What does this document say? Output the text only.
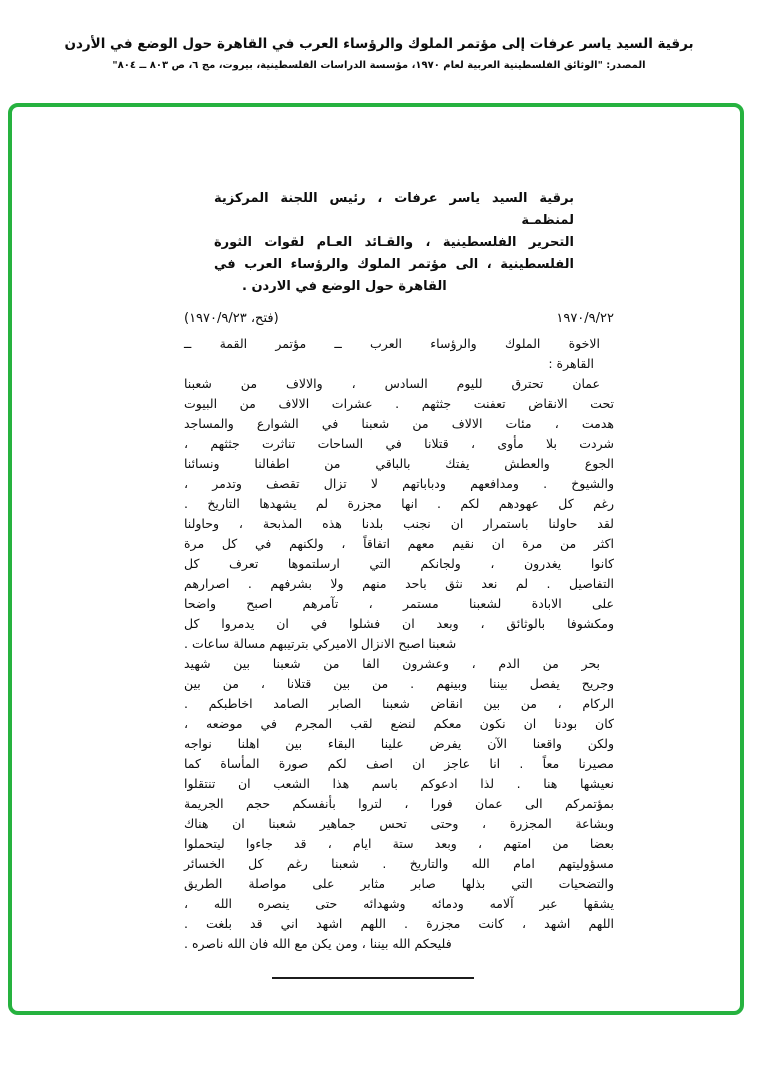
برقية السيد ياسر عرفات إلى مؤتمر الملوك والرؤساء العرب في القاهرة حول الوضع في الأردن
المصدر: "الوثائق الفلسطينية العربية لعام ١٩٧٠، مؤسسة الدراسات الفلسطينية، بيروت، مج ٦، ص ٨٠٣ ــ ٨٠٤"
برقية السيد ياسر عرفات ، رئيس اللجنة المركزية لمنظمـة
التحرير الفلسطينية ، والقـائد العـام لقوات الثورة
الفلسطينية ، الى مؤتمر الملوك والرؤساء العرب في
القاهرة حول الوضع في الاردن .
١٩٧٠/٩/٢٢
(فتح، ١٩٧٠/٩/٢٣)
الاخوة الملوك والرؤساء العرب ــ مؤتمر القمة ــ
القاهرة :
عمان تحترق لليوم السادس ، والالاف من شعبنا
تحت الانقاض تعفنت جثثهم . عشرات الالاف من البيوت
هدمت ، مئات الالاف من شعبنا في الشوارع والمساجد
شردت بلا مأوى ، قتلانا في الساحات تناثرت جثثهم ،
الجوع والعطش يفتك بالباقي من اطفالنا ونسائنا
والشيوخ . ومدافعهم ودباباتهم لا تزال تقصف وتدمر ،
رغم كل عهودهم لكم . انها مجزرة لم يشهدها التاريخ .
لقد حاولنا باستمرار ان نجنب بلدنا هذه المذبحة ، وحاولنا
اكثر من مرة ان نقيم معهم اتفاقاً ، ولكنهم في كل مرة
كانوا يغدرون ، ولجانكم التي ارسلتموها تعرف كل
التفاصيل . لم نعد نثق باحد منهم ولا بشرفهم . اصرارهم
على الابادة لشعبنا مستمر ، تآمرهم اصبح واضحا
ومكشوفا بالوثائق ، وبعد ان فشلوا في ان يدمروا كل
شعبنا اصبح الانزال الاميركي بترتيبهم مسالة ساعات .
بحر من الدم ، وعشرون الفا من شعبنا بين شهيد
وجريح يفصل بيننا وبينهم . من بين قتلانا ، من بين
الركام ، من بين انقاض شعبنا الصابر الصامد اخاطبكم .
كان بودنا ان نكون معكم لنضع لقب المجرم في موضعه ،
ولكن واقعنا الآن يفرض علينا البقاء بين اهلنا نواجه
مصيرنا معاً . انا عاجز ان اصف لكم صورة المأساة كما
نعيشها هنا . لذا ادعوكم باسم هذا الشعب ان تنتقلوا
بمؤتمركم الى عمان فورا ، لتروا بأنفسكم حجم الجريمة
وبشاعة المجزرة ، وحتى تحس جماهير شعبنا ان هناك
بعضا من امتهم ، وبعد ستة ايام ، قد جاءوا ليتحملوا
مسؤوليتهم امام الله والتاريخ . شعبنا رغم كل الخسائر
والتضحيات التي بذلها صابر مثابر على مواصلة الطريق
يشقها عبر آلامه ودمائه وشهدائه حتى ينصره الله ،
اللهم اشهد ، كانت مجزرة . اللهم اشهد اني قد بلغت .
فليحكم الله بيننا ، ومن يكن مع الله فان الله ناصره .
